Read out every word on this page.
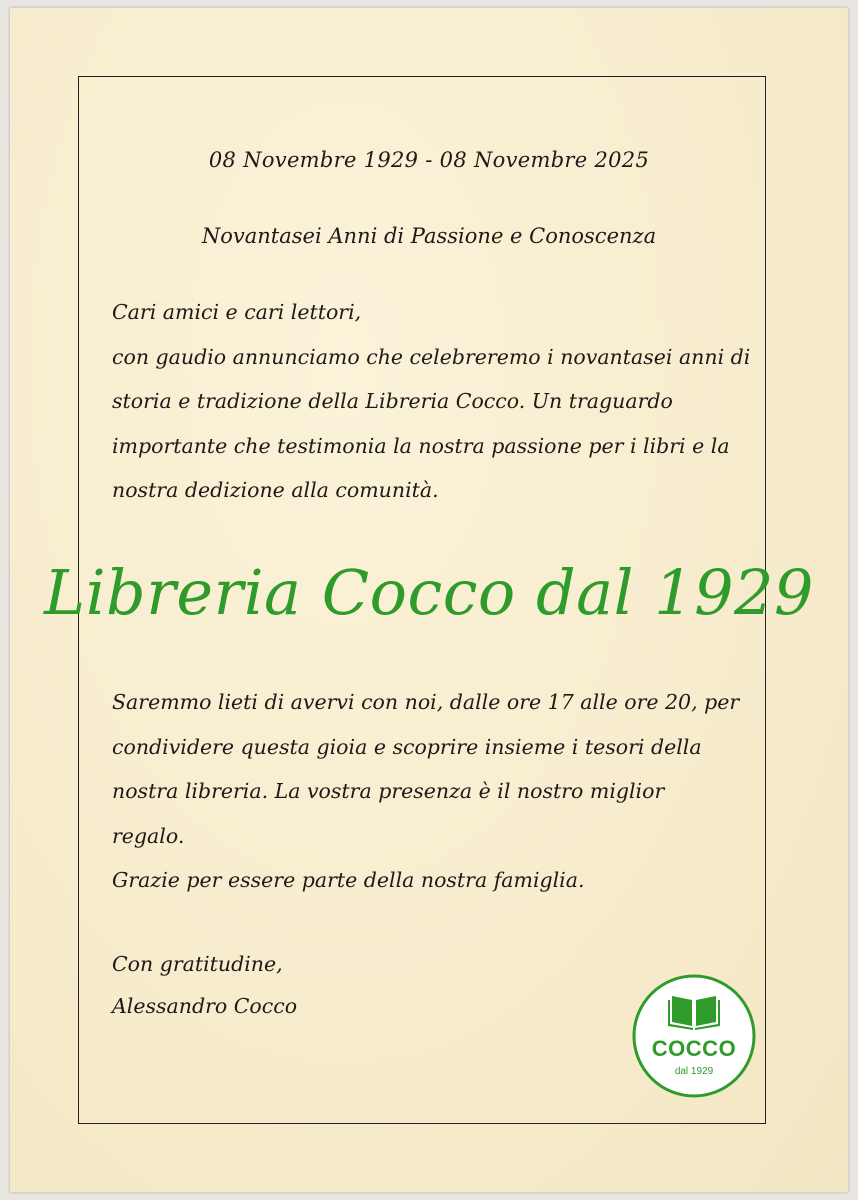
08 Novembre 1929 - 08 Novembre 2025
Novantasei Anni di Passione e Conoscenza
Cari amici e cari lettori,
con gaudio annunciamo che celebreremo i novantasei anni di
storia e tradizione della Libreria Cocco. Un traguardo
importante che testimonia la nostra passione per i libri e la
nostra dedizione alla comunità.
Libreria Cocco dal 1929
Saremmo lieti di avervi con noi, dalle ore 17 alle ore 20, per
condividere questa gioia e scoprire insieme i tesori della
nostra libreria. La vostra presenza è il nostro miglior
regalo.
Grazie per essere parte della nostra famiglia.
Con gratitudine,
Alessandro Cocco
COCCO
dal 1929
